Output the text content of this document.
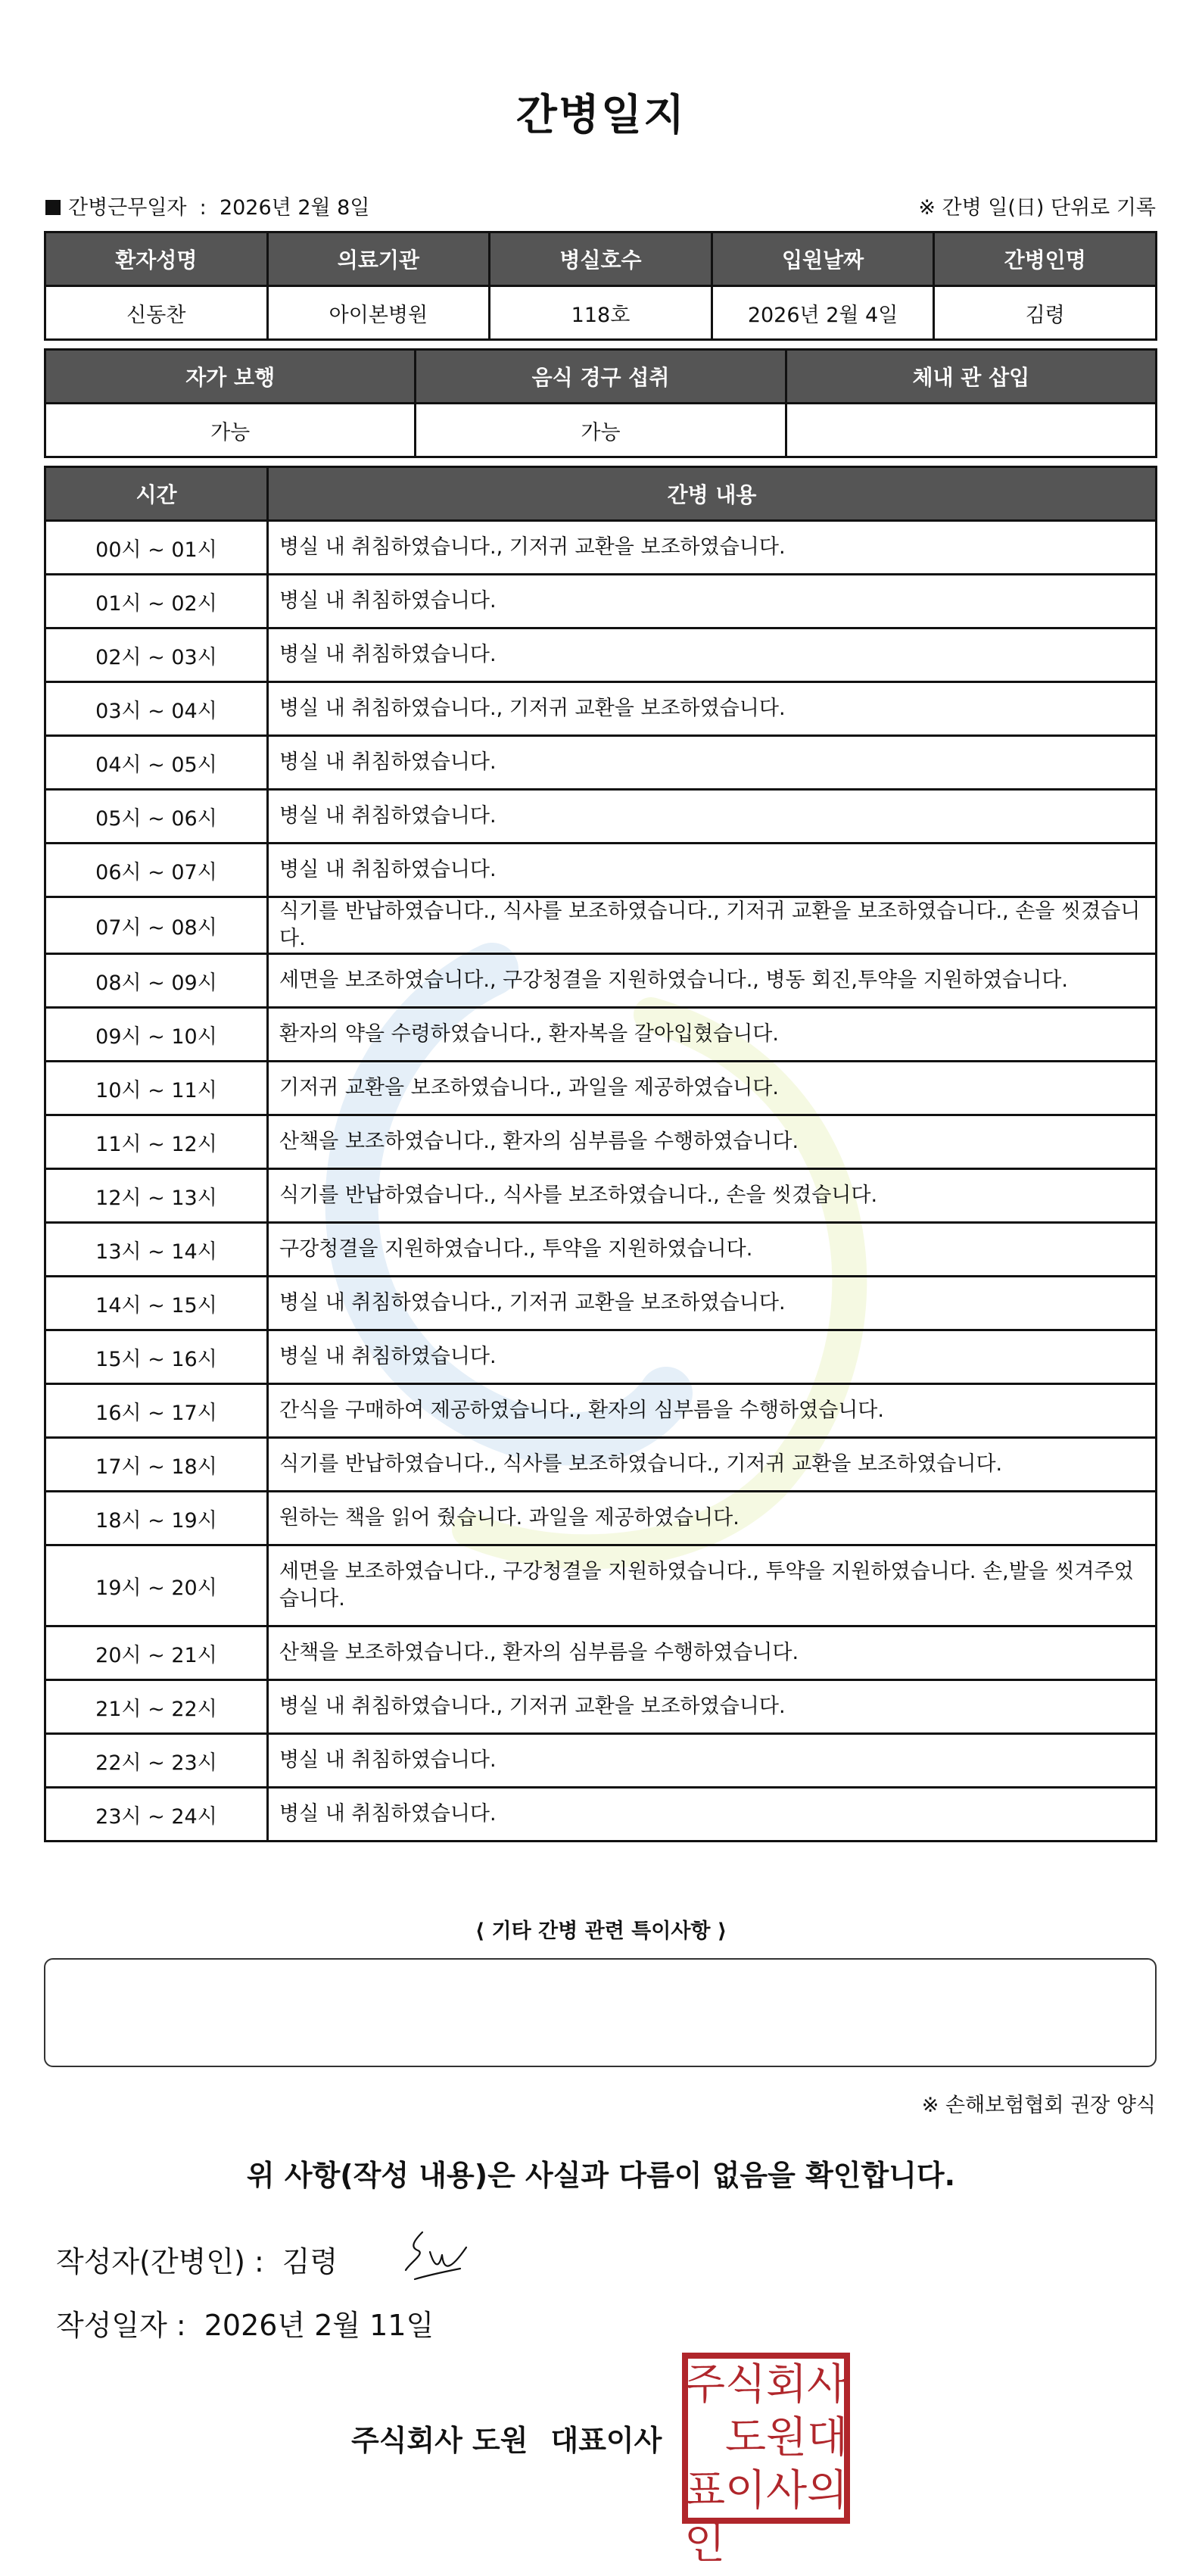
간병일지
간병근무일자  :  2026년 2월 8일	※ 간병 일(日) 단위로 기록
환자성명	의료기관	병실호수	입원날짜	간병인명
신동찬	아이본병원	118호	2026년 2월 4일	김령
자가 보행	음식 경구 섭취	체내 관 삽입
가능	가능	
시간	간병 내용
00시 ~ 01시	병실 내 취침하였습니다., 기저귀 교환을 보조하였습니다.
01시 ~ 02시	병실 내 취침하였습니다.
02시 ~ 03시	병실 내 취침하였습니다.
03시 ~ 04시	병실 내 취침하였습니다., 기저귀 교환을 보조하였습니다.
04시 ~ 05시	병실 내 취침하였습니다.
05시 ~ 06시	병실 내 취침하였습니다.
06시 ~ 07시	병실 내 취침하였습니다.
07시 ~ 08시	식기를 반납하였습니다., 식사를 보조하였습니다., 기저귀 교환을 보조하였습니다., 손을 씻겼습니다.
08시 ~ 09시	세면을 보조하였습니다., 구강청결을 지원하였습니다., 병동 회진,투약을 지원하였습니다.
09시 ~ 10시	환자의 약을 수령하였습니다., 환자복을 갈아입혔습니다.
10시 ~ 11시	기저귀 교환을 보조하였습니다., 과일을 제공하였습니다.
11시 ~ 12시	산책을 보조하였습니다., 환자의 심부름을 수행하였습니다.
12시 ~ 13시	식기를 반납하였습니다., 식사를 보조하였습니다., 손을 씻겼습니다.
13시 ~ 14시	구강청결을 지원하였습니다., 투약을 지원하였습니다.
14시 ~ 15시	병실 내 취침하였습니다., 기저귀 교환을 보조하였습니다.
15시 ~ 16시	병실 내 취침하였습니다.
16시 ~ 17시	간식을 구매하여 제공하였습니다., 환자의 심부름을 수행하였습니다.
17시 ~ 18시	식기를 반납하였습니다., 식사를 보조하였습니다., 기저귀 교환을 보조하였습니다.
18시 ~ 19시	원하는 책을 읽어 줬습니다. 과일을 제공하였습니다.
19시 ~ 20시	세면을 보조하였습니다., 구강청결을 지원하였습니다., 투약을 지원하였습니다. 손,발을 씻겨주었습니다.
20시 ~ 21시	산책을 보조하였습니다., 환자의 심부름을 수행하였습니다.
21시 ~ 22시	병실 내 취침하였습니다., 기저귀 교환을 보조하였습니다.
22시 ~ 23시	병실 내 취침하였습니다.
23시 ~ 24시	병실 내 취침하였습니다.
⟨ 기타 간병 관련 특이사항 ⟩
※ 손해보험협회 권장 양식
위 사항(작성 내용)은 사실과 다름이 없음을 확인합니다.
작성자(간병인) : 김령
작성일자 : 2026년 2월 11일
주식회사 도원 대표이사
주 식 회 사
도 원 대
표 이 사 의
인
